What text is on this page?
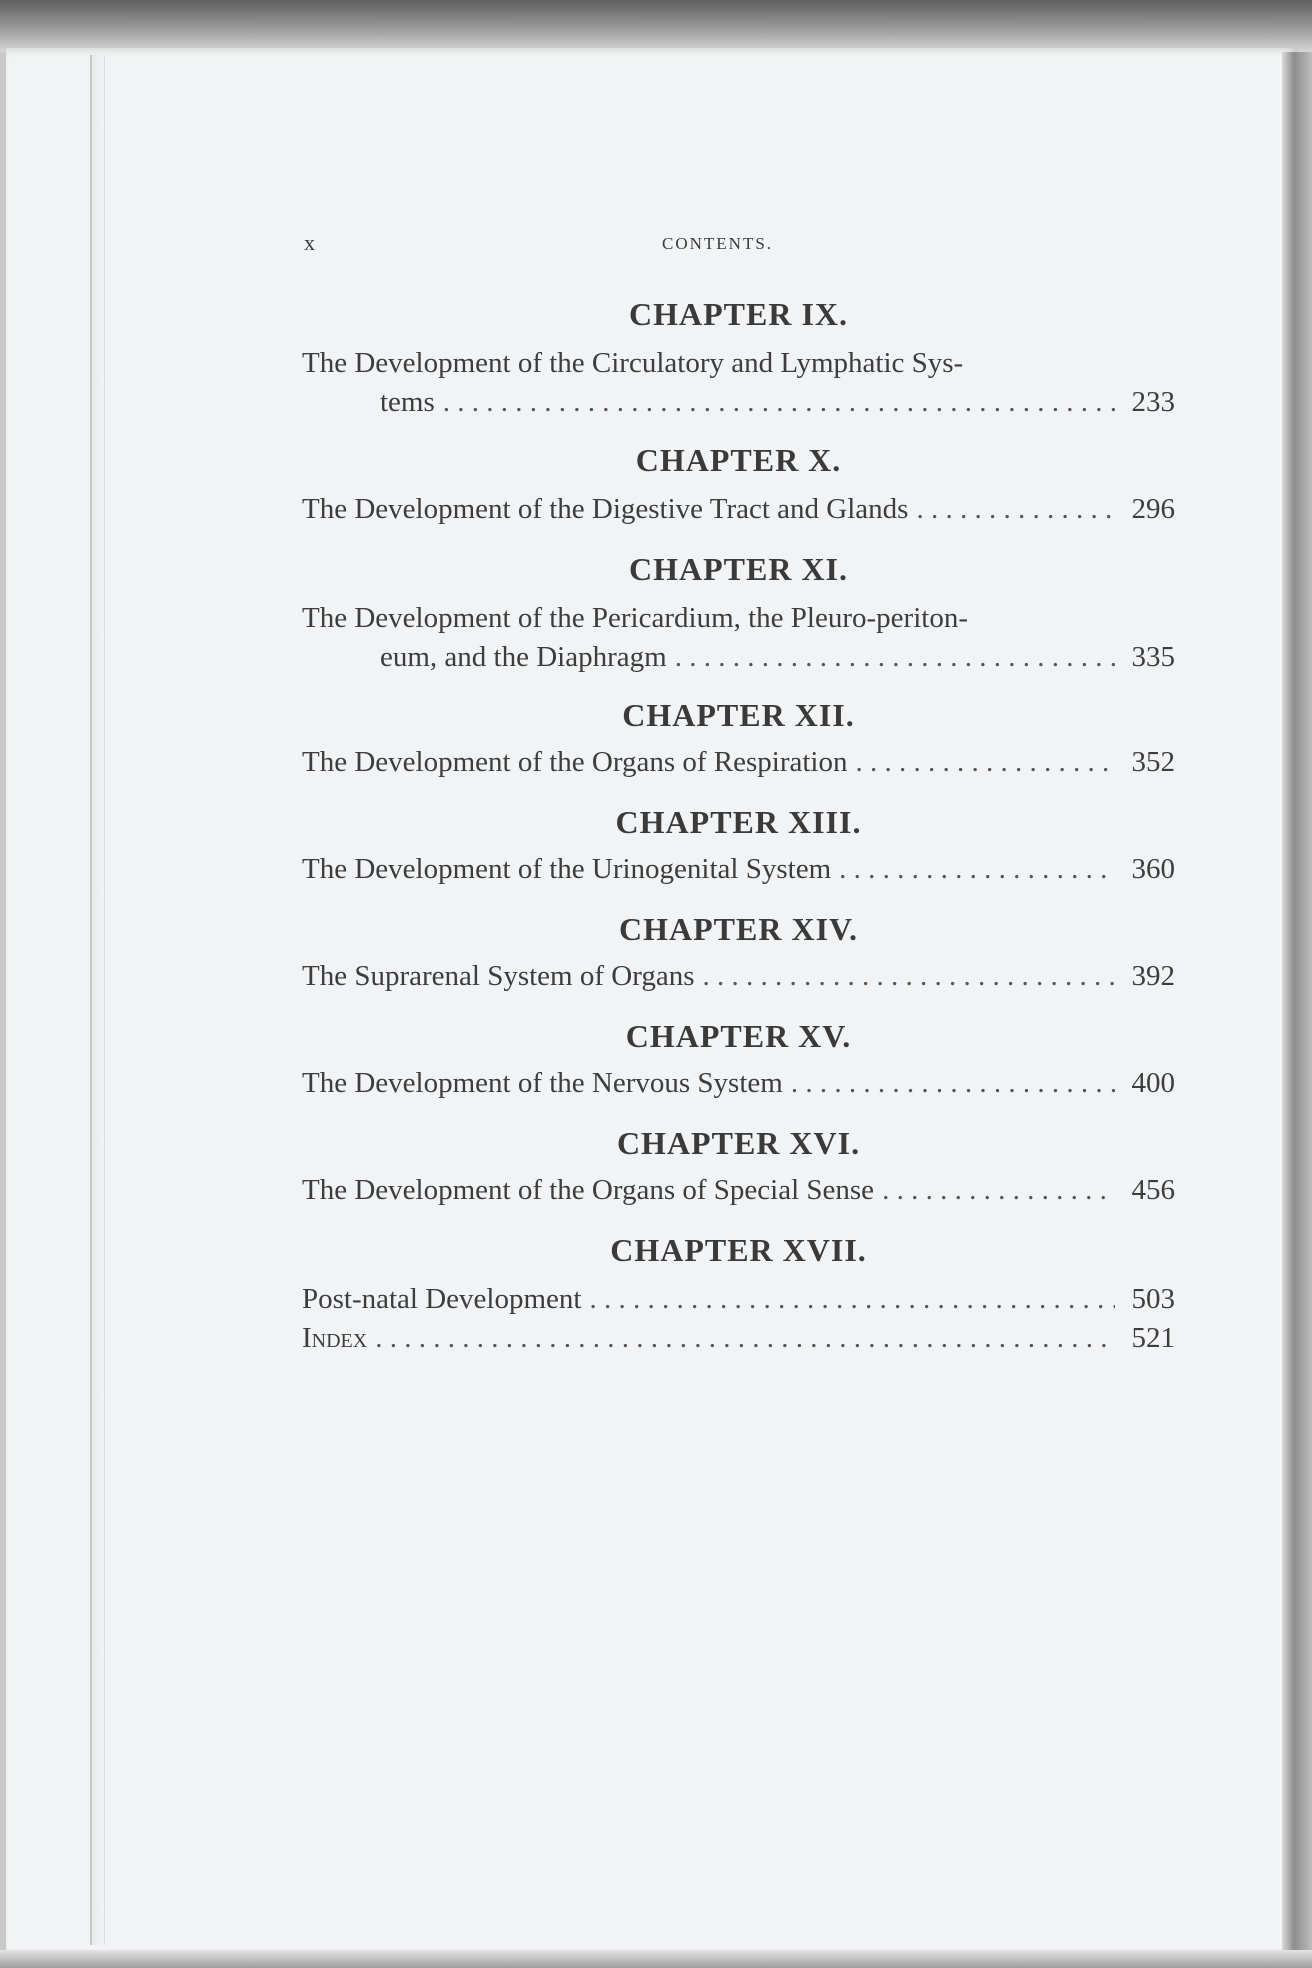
x	CONTENTS.
CHAPTER IX.
The Development of the Circulatory and Lymphatic Sys-
tems . . .	233
CHAPTER X.
The Development of the Digestive Tract and Glands . . .	296
CHAPTER XI.
The Development of the Pericardium, the Pleuro-periton-
eum, and the Diaphragm . . .	335
CHAPTER XII.
The Development of the Organs of Respiration . . .	352
CHAPTER XIII.
The Development of the Urinogenital System . . .	360
CHAPTER XIV.
The Suprarenal System of Organs . . .	392
CHAPTER XV.
The Development of the Nervous System . . .	400
CHAPTER XVI.
The Development of the Organs of Special Sense . . .	456
CHAPTER XVII.
Post-natal Development . . .	503
Index . . .	521
